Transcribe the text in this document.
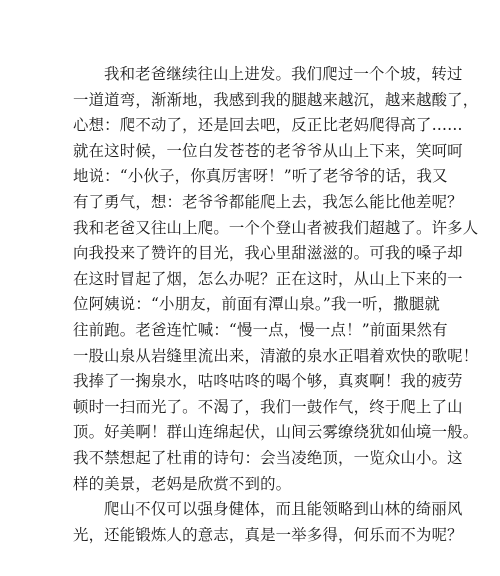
我和老爸继续往山上进发。我们爬过一个个坡，转过
一道道弯，渐渐地，我感到我的腿越来越沉，越来越酸了，
心想：爬不动了，还是回去吧，反正比老妈爬得高了……
就在这时候，一位白发苍苍的老爷爷从山上下来，笑呵呵
地说：“小伙子，你真厉害呀！”听了老爷爷的话，我又
有了勇气，想：老爷爷都能爬上去，我怎么能比他差呢？
我和老爸又往山上爬。一个个登山者被我们超越了。许多人
向我投来了赞许的目光，我心里甜滋滋的。可我的嗓子却
在这时冒起了烟，怎么办呢？正在这时，从山上下来的一
位阿姨说：“小朋友，前面有潭山泉。”我一听，撒腿就
往前跑。老爸连忙喊：“慢一点，慢一点！”前面果然有
一股山泉从岩缝里流出来，清澈的泉水正唱着欢快的歌呢！
我捧了一掬泉水，咕咚咕咚的喝个够，真爽啊！我的疲劳
顿时一扫而光了。不渴了，我们一鼓作气，终于爬上了山
顶。好美啊！群山连绵起伏，山间云雾缭绕犹如仙境一般。
我不禁想起了杜甫的诗句：会当凌绝顶，一览众山小。这
样的美景，老妈是欣赏不到的。
爬山不仅可以强身健体，而且能领略到山林的绮丽风
光，还能锻炼人的意志，真是一举多得，何乐而不为呢？
